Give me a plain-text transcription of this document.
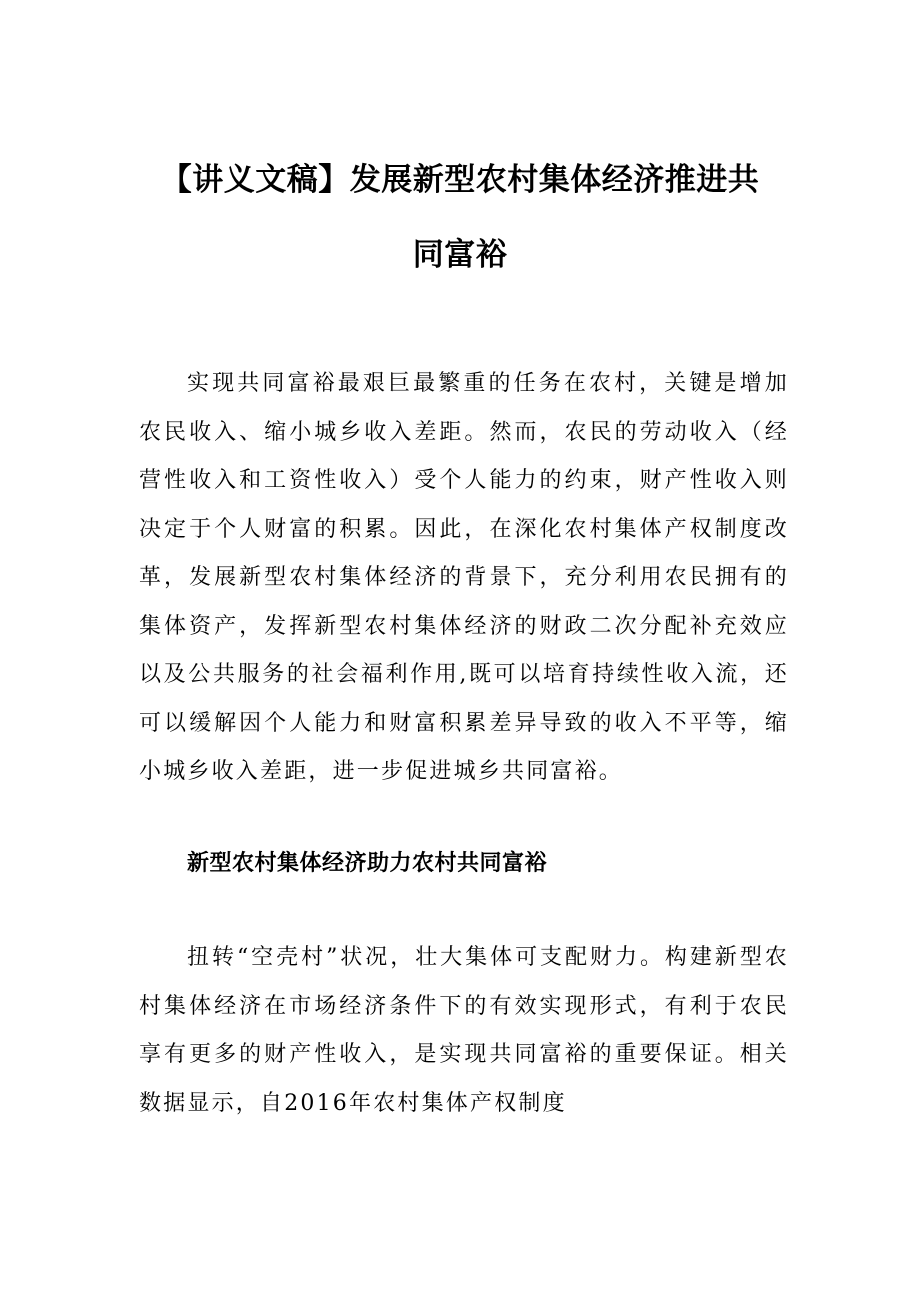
【讲义文稿】发展新型农村集体经济推进共
同富裕

实现共同富裕最艰巨最繁重的任务在农村，关键是增加农民收入、缩小城乡收入差距。然而，农民的劳动收入（经营性收入和工资性收入）受个人能力的约束，财产性收入则决定于个人财富的积累。因此，在深化农村集体产权制度改革，发展新型农村集体经济的背景下，充分利用农民拥有的集体资产，发挥新型农村集体经济的财政二次分配补充效应以及公共服务的社会福利作用,既可以培育持续性收入流，还可以缓解因个人能力和财富积累差异导致的收入不平等，缩小城乡收入差距，进一步促进城乡共同富裕。

新型农村集体经济助力农村共同富裕

扭转“空壳村”状况，壮大集体可支配财力。构建新型农村集体经济在市场经济条件下的有效实现形式，有利于农民享有更多的财产性收入，是实现共同富裕的重要保证。相关数据显示，自2016年农村集体产权制度
